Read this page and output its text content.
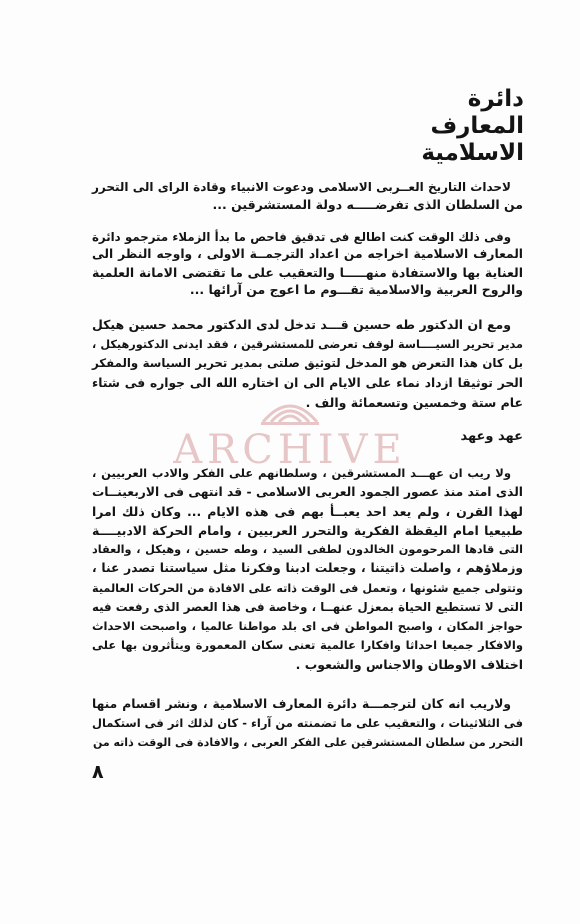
ARCHIVE
دائرة
المعارف
الاسلامية
لاحداث التاريخ العــربى الاسلامى ودعوت الانبياء وقادة الراى الى التحرر
من السلطان الذى تفرضـــــه دولة المستشرقين ...
وفى ذلك الوقت كنت اطالع فى تدقيق فاحص ما بدأ الزملاء مترجمو دائرة
المعارف الاسلامية اخراجه من اعداد الترجمــة الاولى ، واوجه النظر الى
العناية بها والاستفادة منهـــــا والتعقيب على ما تقتضى الامانة العلمية
والروح العربية والاسلامية تقـــوم ما اعوج من آرائها ...
ومع ان الدكتور طه حسين قـــد تدخل لدى الدكتور محمد حسين هيكل
مدير تحرير السيــــاسة لوقف تعرضى للمستشرقين ، فقد ايدنى الدكتورهيكل ،
بل كان هذا التعرض هو المدخل لتوثيق صلتى بمدير تحرير السياسة والمفكر
الحر توثيقا ازداد نماء على الايام الى ان اختاره الله الى جواره فى شتاء
عام ستة وخمسين وتسعمائة والف .
عهد وعهد
ولا ريب ان عهـــد المستشرقين ، وسلطانهم على الفكر والادب العربيين ،
الذى امتد منذ عصور الجمود العربى الاسلامى - قد انتهى فى الاربعينــات
لهذا القرن ، ولم يعد احد يعبــأ بهم فى هذه الايام ... وكان ذلك امرا
طبيعيا امام اليقظة الفكرية والتحرر العربيين ، وامام الحركة الادبيــــة
التى قادها المرحومون الخالدون لطفى السيد ، وطه حسين ، وهيكل ، والعقاد
وزملاؤهم ، واصلت ذاتيتنا ، وجعلت ادبنا وفكرنا مثل سياستنا تصدر عنا ،
وتتولى جميع شئونها ، وتعمل فى الوقت ذاته على الافادة من الحركات العالمية
التى لا تستطيع الحياة بمعزل عنهــا ، وخاصة فى هذا العصر الذى رفعت فيه
حواجز المكان ، واصبح المواطن فى اى بلد مواطنا عالميا ، واصبحت الاحداث
والافكار جميعا احداثا وافكارا عالمية تعنى سكان المعمورة ويتأثرون بها على
اختلاف الاوطان والاجناس والشعوب .
ولاريب انه كان لترجمـــة دائرة المعارف الاسلامية ، ونشر اقسام منها
فى الثلاثينات ، والتعقيب على ما تضمنته من آراء - كان لذلك اثر فى استكمال
التحرر من سلطان المستشرقين على الفكر العربى ، والافادة فى الوقت ذاته من
٨
